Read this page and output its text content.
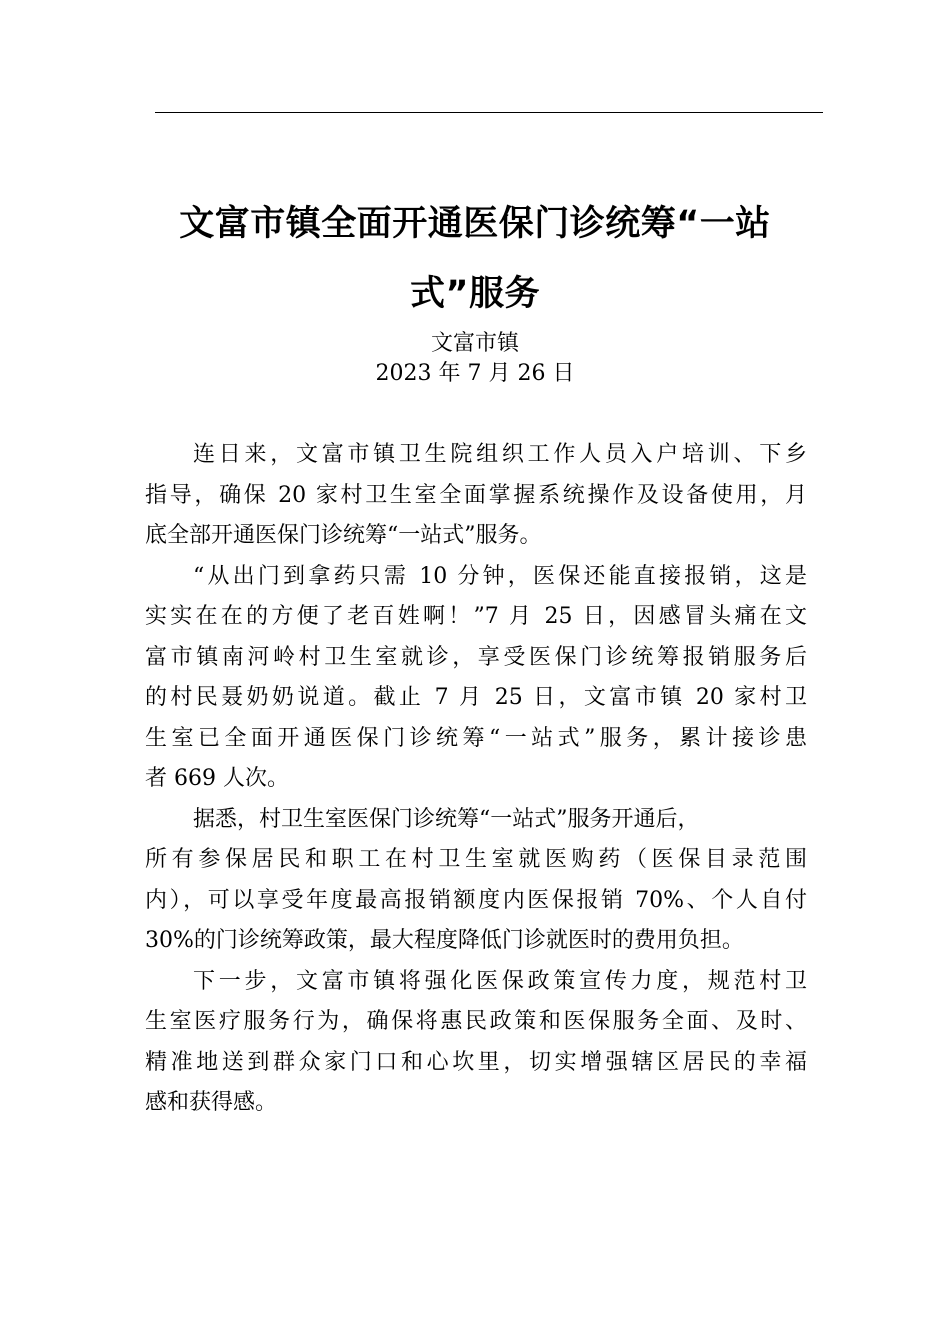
文富市镇全面开通医保门诊统筹“一站
式”服务
文富市镇
2023 年 7 月 26 日

连日来，文富市镇卫生院组织工作人员入户培训、下乡
指导，确保 20 家村卫生室全面掌握系统操作及设备使用，月
底全部开通医保门诊统筹“一站式”服务。

“从出门到拿药只需 10 分钟，医保还能直接报销，这是
实实在在的方便了老百姓啊！”7 月 25 日，因感冒头痛在文
富市镇南河岭村卫生室就诊，享受医保门诊统筹报销服务后
的村民聂奶奶说道。截止 7 月 25 日，文富市镇 20 家村卫
生室已全面开通医保门诊统筹“一站式”服务，累计接诊患
者 669 人次。

据悉，村卫生室医保门诊统筹“一站式”服务开通后，
所有参保居民和职工在村卫生室就医购药（医保目录范围
内），可以享受年度最高报销额度内医保报销 70%、个人自付
30%的门诊统筹政策，最大程度降低门诊就医时的费用负担。

下一步，文富市镇将强化医保政策宣传力度，规范村卫
生室医疗服务行为，确保将惠民政策和医保服务全面、及时、
精准地送到群众家门口和心坎里，切实增强辖区居民的幸福
感和获得感。
